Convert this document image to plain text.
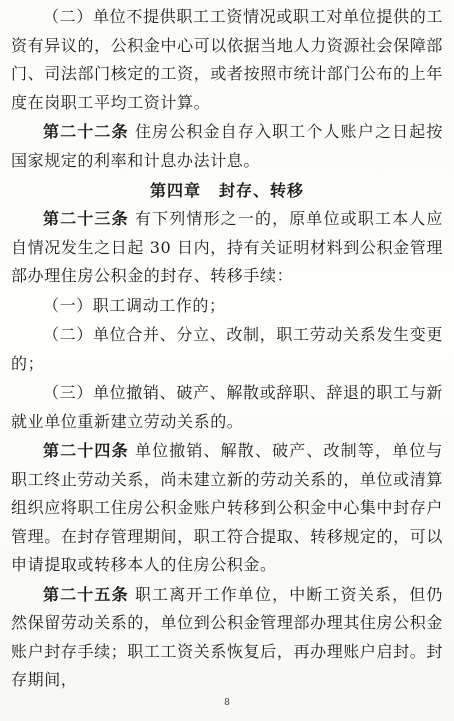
（二）单位不提供职工工资情况或职工对单位提供的工资有异议的，公积金中心可以依据当地人力资源社会保障部门、司法部门核定的工资，或者按照市统计部门公布的上年度在岗职工平均工资计算。

第二十二条 住房公积金自存入职工个人账户之日起按国家规定的利率和计息办法计息。

第四章 封存、转移

第二十三条 有下列情形之一的，原单位或职工本人应自情况发生之日起 30 日内，持有关证明材料到公积金管理部办理住房公积金的封存、转移手续：

（一）职工调动工作的；

（二）单位合并、分立、改制，职工劳动关系发生变更的；

（三）单位撤销、破产、解散或辞职、辞退的职工与新就业单位重新建立劳动关系的。

第二十四条 单位撤销、解散、破产、改制等，单位与职工终止劳动关系，尚未建立新的劳动关系的，单位或清算组织应将职工住房公积金账户转移到公积金中心集中封存户管理。在封存管理期间，职工符合提取、转移规定的，可以申请提取或转移本人的住房公积金。

第二十五条 职工离开工作单位，中断工资关系，但仍然保留劳动关系的，单位到公积金管理部办理其住房公积金账户封存手续；职工工资关系恢复后，再办理账户启封。封存期间，

8
